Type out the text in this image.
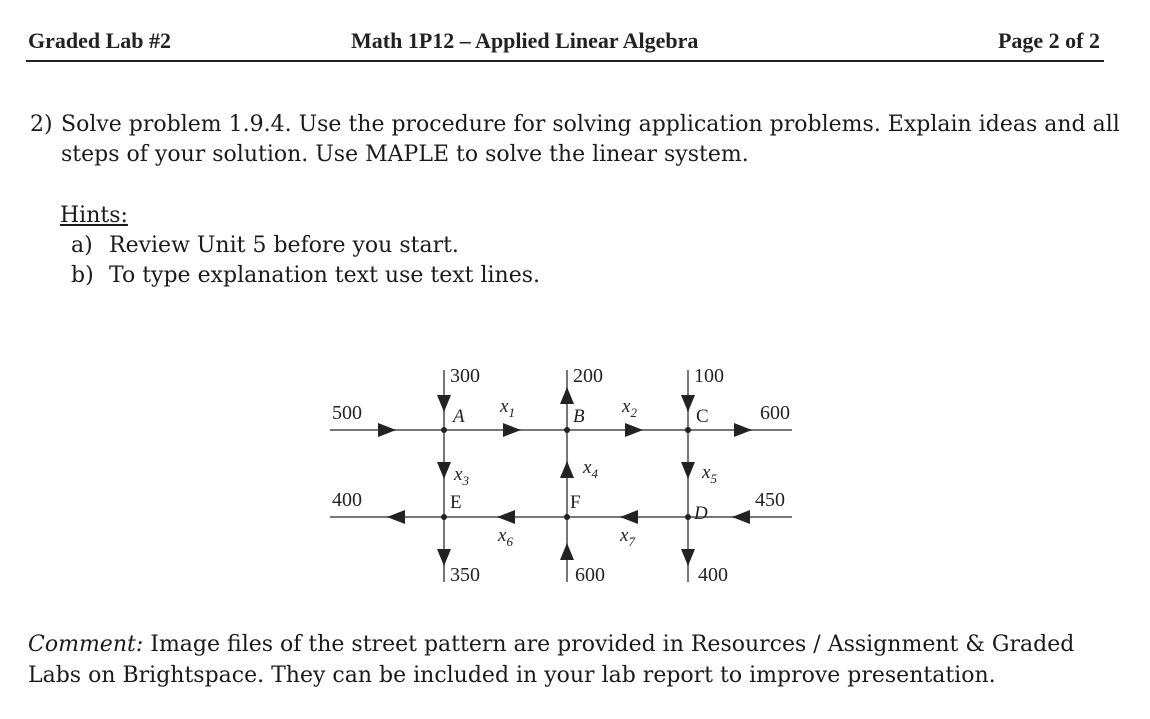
Graded Lab #2	Math 1P12 – Applied Linear Algebra	Page 2 of 2
2) Solve problem 1.9.4. Use the procedure for solving application problems. Explain ideas and all steps of your solution. Use MAPLE to solve the linear system.
Hints:
a) Review Unit 5 before you start.
b) To type explanation text use text lines.
300	200	100
500	600
400	450
350	600	400
A	B	C
E	F
D
$x_1$	$x_2$
$x_3$
$x_4$	$x_5$
$x_6$	$x_7$
Comment: Image files of the street pattern are provided in Resources / Assignment & Graded Labs on Brightspace. They can be included in your lab report to improve presentation.
